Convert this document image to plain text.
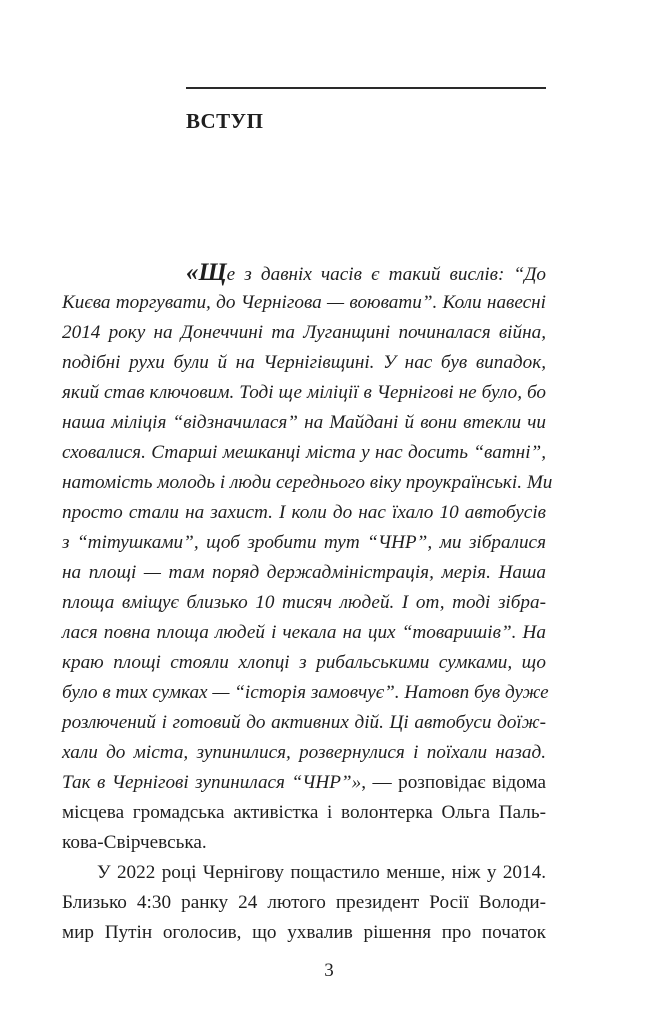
ВСТУП

«Ще з давніх часів є такий вислів: “До

Києва торгувати, до Чернігова — воювати”. Коли навесні

2014 року на Донеччині та Луганщині починалася війна,

подібні рухи були й на Чернігівщині. У нас був випадок,

який став ключовим. Тоді ще міліції в Чернігові не було, бо

наша міліція “відзначилася” на Майдані й вони втекли чи

сховалися. Старші мешканці міста у нас досить “ватні”,

натомість молодь і люди середнього віку проукраїнські. Ми

просто стали на захист. І коли до нас їхало 10 автобусів

з “тітушками”, щоб зробити тут “ЧНР”, ми зібралися

на площі — там поряд держадміністрація, мерія. Наша

площа вміщує близько 10 тисяч людей. І от, тоді зібра-

лася повна площа людей і чекала на цих “товаришів”. На

краю площі стояли хлопці з рибальськими сумками, що

було в тих сумках — “історія замовчує”. Натовп був дуже

розлючений і готовий до активних дій. Ці автобуси доїж-

хали до міста, зупинилися, розвернулися і поїхали назад.

Так в Чернігові зупинилася “ЧНР”», — розповідає відома

місцева громадська активістка і волонтерка Ольга Паль-

кова-Свірчевська.

У 2022 році Чернігову пощастило менше, ніж у 2014.

Близько 4:30 ранку 24 лютого президент Росії Володи-

мир Путін оголосив, що ухвалив рішення про початок

3
